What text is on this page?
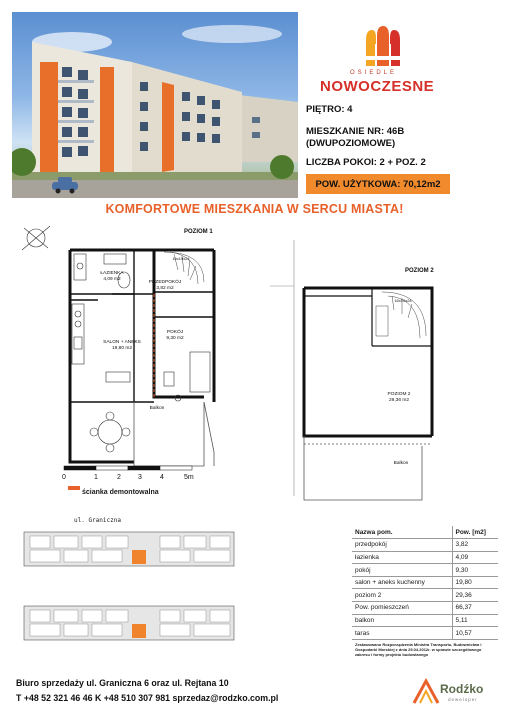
OSIEDLE
NOWOCZESNE
PIĘTRO: 4
MIESZKANIE NR: 46B
(DWUPOZIOMOWE)
LICZBA POKOI: 2 + POZ. 2
POW. UŻYTKOWA: 70,12m2
KOMFORTOWE MIESZKANIA W SERCU MIASTA!
POZIOM 1
ŁAZIENKA
4,09 m2
PRZEDPOKÓJ
3,82 m2
POKÓJ
9,30 m2
SALON + ANEKS
19,80 m2
Balkon
16x19x24
POZIOM 2
POZIOM 2
29,36 m2
Balkon
16x19x24
0	1	2 3	4	5m
ścianka demontowalna
ul. Graniczna
Nazwa pom.	Pow. [m2]
przedpokój	3,82
łazienka	4,09
pokój	9,30
salon + aneks kuchenny	19,80
poziom 2	29,36
Pow. pomieszczeń	66,37
balkon	5,11
taras	10,57
Zestawowano Rozporządzenia Ministra Transportu, Budownictwa i Gospodarki Morskiej z dnia 25.04.2012r. w sprawie szczegółowego zakresu i formy projektu budowlanego
Biuro sprzedaży ul. Graniczna 6 oraz ul. Rejtana 10
T +48 52 321 46 46 K +48 510 307 981 sprzedaz@rodzko.com.pl
Rodźko
deweloper
